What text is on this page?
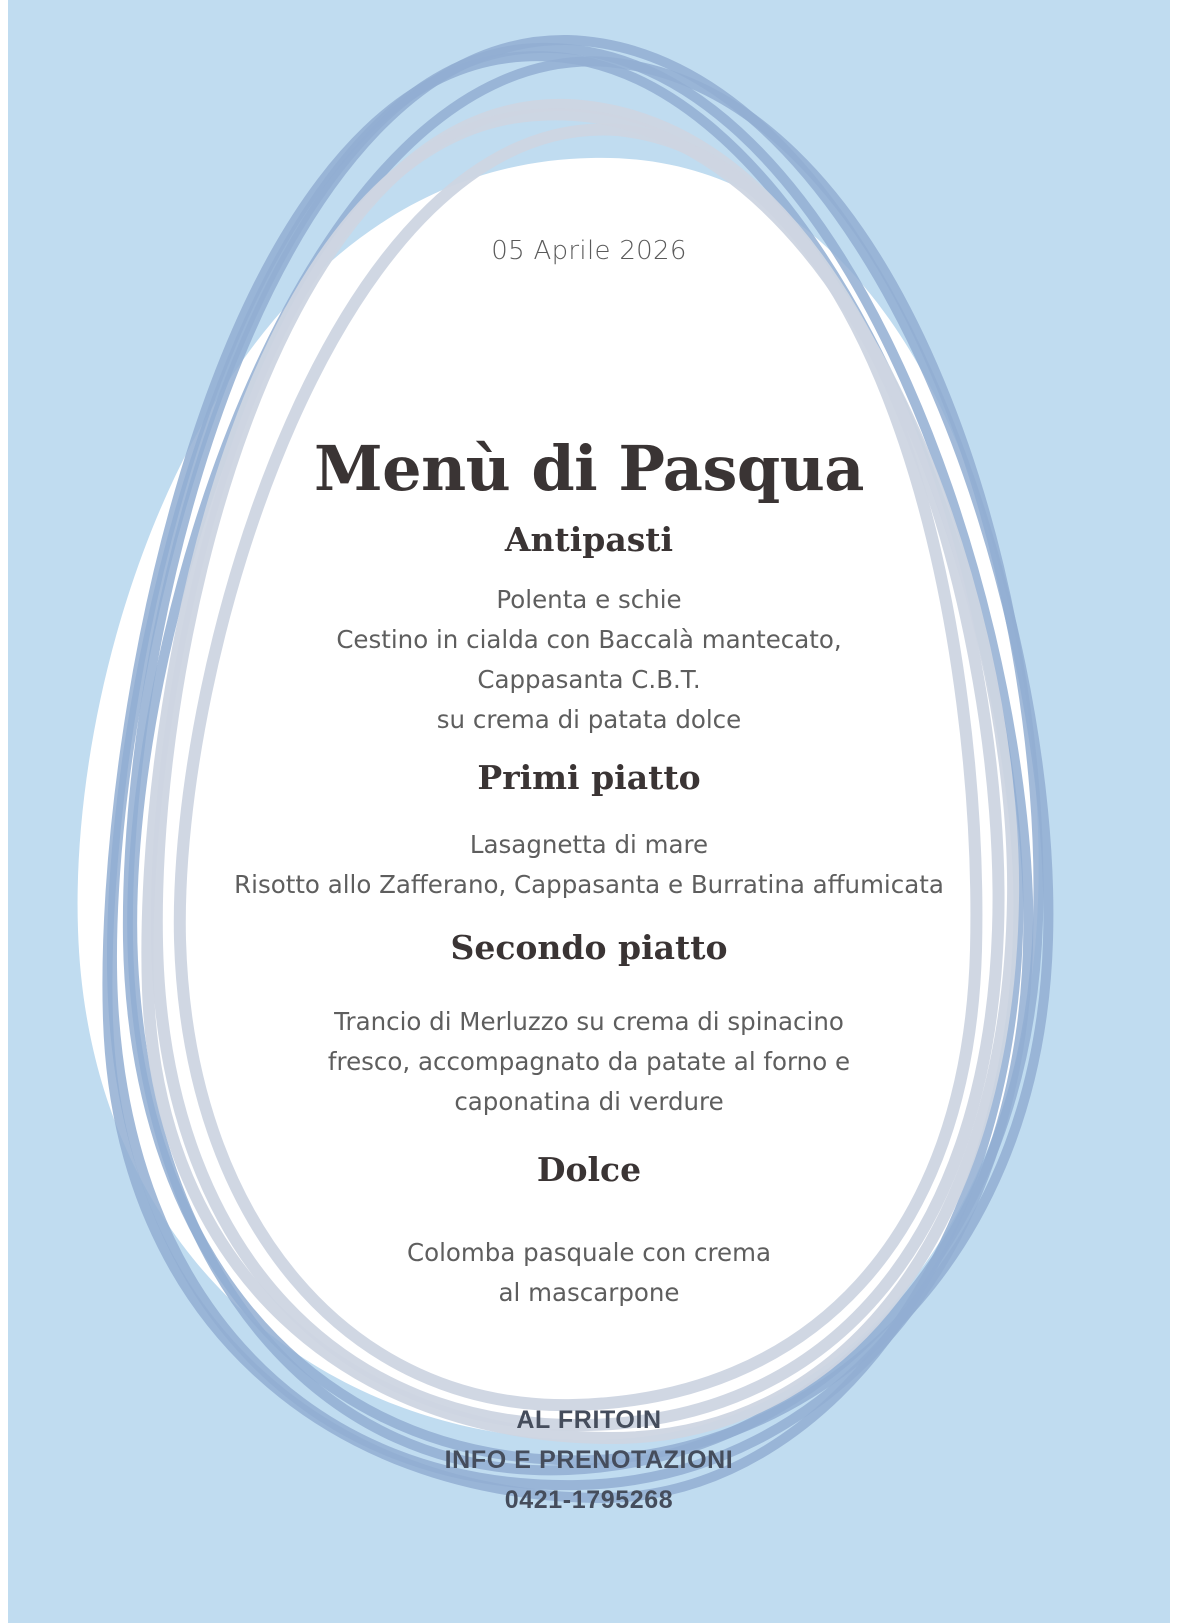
05 Aprile 2026

Menù di Pasqua
Antipasti
Polenta e schie
Cestino in cialda con Baccalà mantecato,
Cappasanta C.B.T.
su crema di patata dolce
Primi piatto
Lasagnetta di mare
Risotto allo Zafferano, Cappasanta e Burratina affumicata
Secondo piatto
Trancio di Merluzzo su crema di spinacino
fresco, accompagnato da patate al forno e
caponatina di verdure
Dolce
Colomba pasquale con crema
al mascarpone
AL FRITOIN
INFO E PRENOTAZIONI
0421-1795268
